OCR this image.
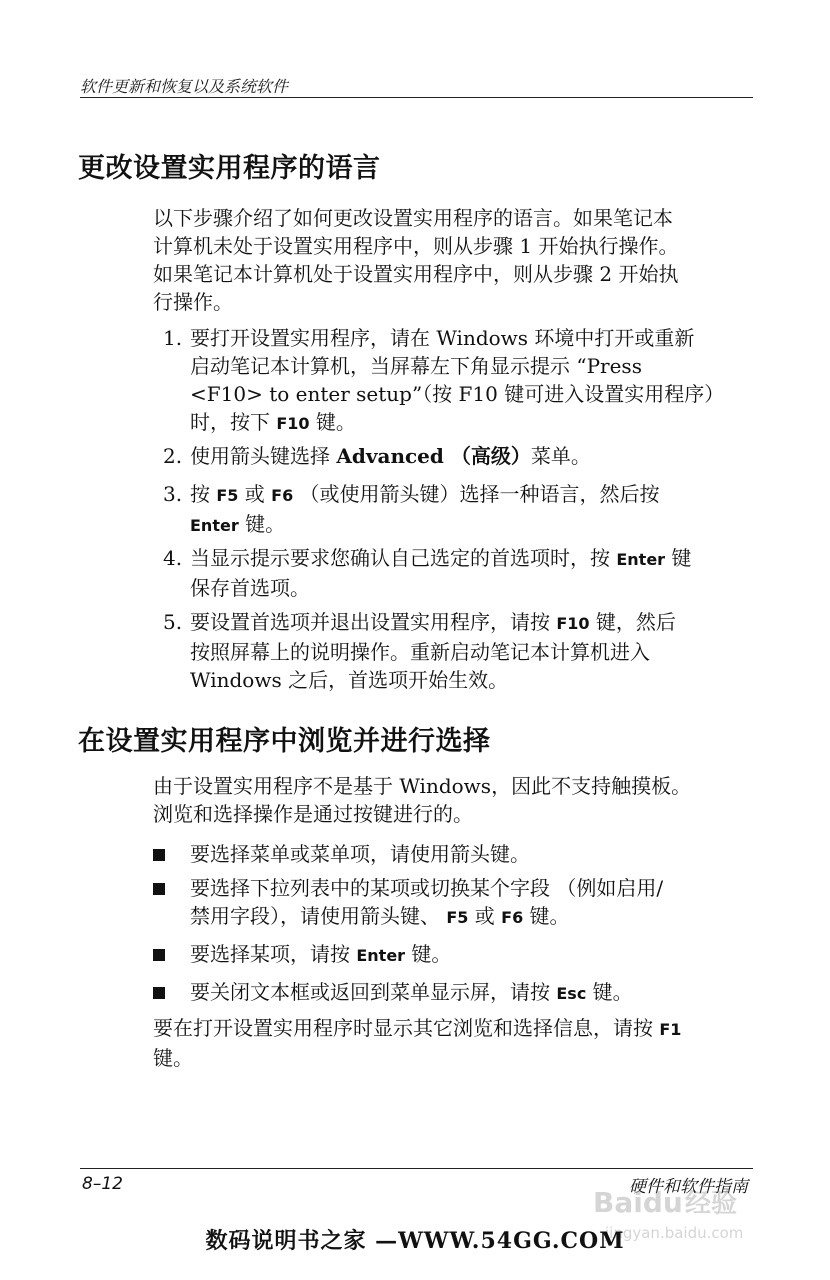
软件更新和恢复以及系统软件
更改设置实用程序的语言
以下步骤介绍了如何更改设置实用程序的语言。如果笔记本
计算机未处于设置实用程序中，则从步骤 1 开始执行操作。
如果笔记本计算机处于设置实用程序中，则从步骤 2 开始执
行操作。
1. 要打开设置实用程序，请在 Windows 环境中打开或重新
启动笔记本计算机，当屏幕左下角显示提示 “Press
<F10> to enter setup”（按 F10 键可进入设置实用程序）
时，按下 F10 键。
2. 使用箭头键选择 Advanced （高级）菜单。
3. 按 F5 或 F6 （或使用箭头键）选择一种语言，然后按
Enter 键。
4. 当显示提示要求您确认自己选定的首选项时，按 Enter 键
保存首选项。
5. 要设置首选项并退出设置实用程序，请按 F10 键，然后
按照屏幕上的说明操作。重新启动笔记本计算机进入
Windows 之后，首选项开始生效。
在设置实用程序中浏览并进行选择
由于设置实用程序不是基于 Windows，因此不支持触摸板。
浏览和选择操作是通过按键进行的。
要选择菜单或菜单项，请使用箭头键。
要选择下拉列表中的某项或切换某个字段 （例如启用/
禁用字段），请使用箭头键、 F5 或 F6 键。
要选择某项，请按 Enter 键。
要关闭文本框或返回到菜单显示屏，请按 Esc 键。
要在打开设置实用程序时显示其它浏览和选择信息，请按 F1
键。
8–12	硬件和软件指南
Baidu 经验
jingyan.baidu.com
数码说明书之家 —WWW.54GG.COM
